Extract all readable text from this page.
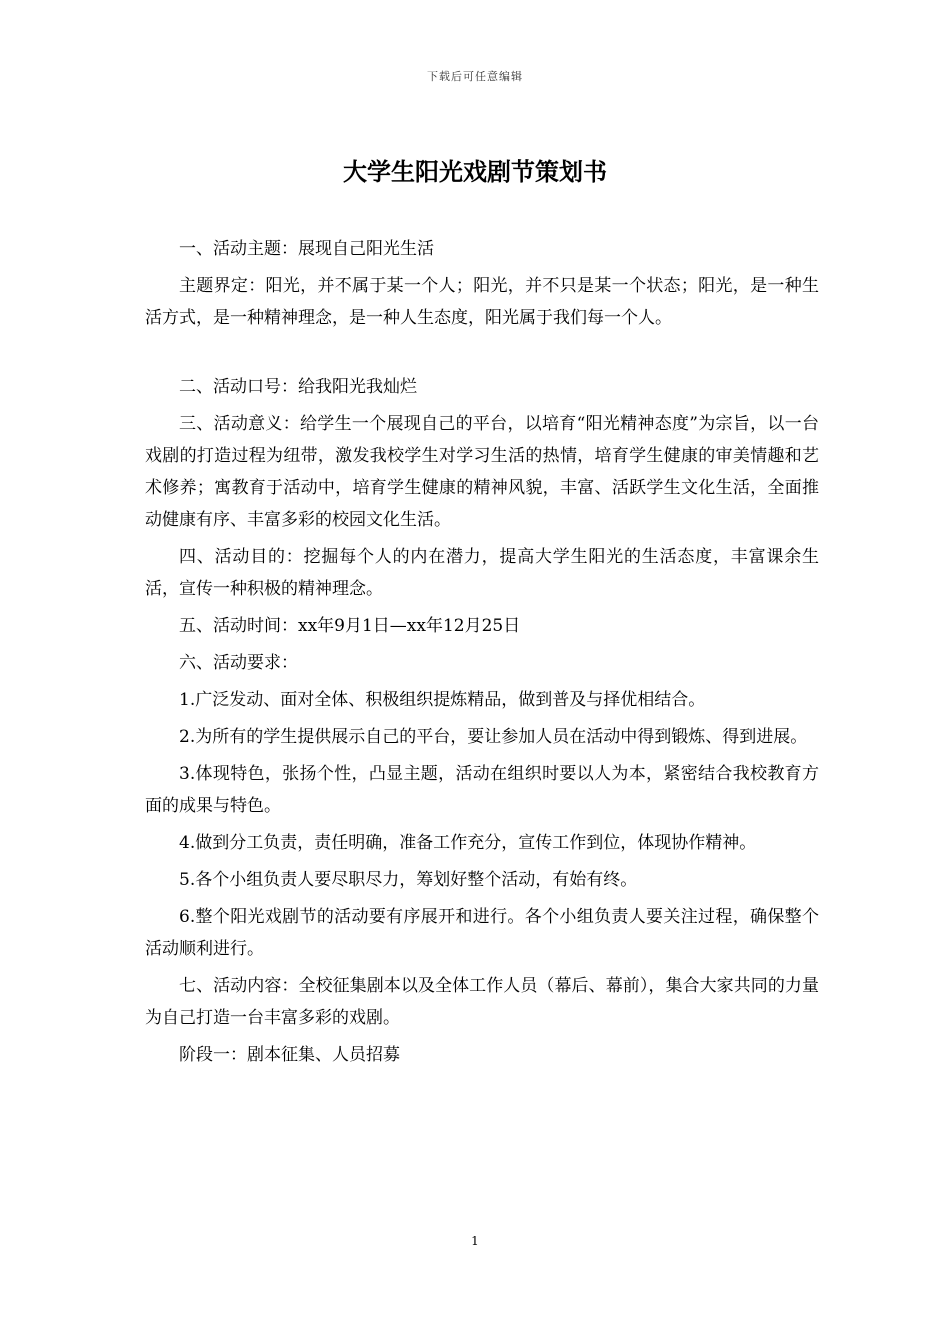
下载后可任意编辑
大学生阳光戏剧节策划书

一、活动主题：展现自己阳光生活

主题界定：阳光，并不属于某一个人；阳光，并不只是某一个状态；阳光，是一种生活方式，是一种精神理念，是一种人生态度，阳光属于我们每一个人。

二、活动口号：给我阳光我灿烂

三、活动意义：给学生一个展现自己的平台，以培育“阳光精神态度”为宗旨，以一台戏剧的打造过程为纽带，激发我校学生对学习生活的热情，培育学生健康的审美情趣和艺术修养；寓教育于活动中，培育学生健康的精神风貌，丰富、活跃学生文化生活，全面推动健康有序、丰富多彩的校园文化生活。

四、活动目的：挖掘每个人的内在潜力，提高大学生阳光的生活态度，丰富课余生活，宣传一种积极的精神理念。

五、活动时间：xx年9月1日—xx年12月25日

六、活动要求：

1.广泛发动、面对全体、积极组织提炼精品，做到普及与择优相结合。

2.为所有的学生提供展示自己的平台，要让参加人员在活动中得到锻炼、得到进展。

3.体现特色，张扬个性，凸显主题，活动在组织时要以人为本，紧密结合我校教育方面的成果与特色。

4.做到分工负责，责任明确，准备工作充分，宣传工作到位，体现协作精神。

5.各个小组负责人要尽职尽力，筹划好整个活动，有始有终。

6.整个阳光戏剧节的活动要有序展开和进行。各个小组负责人要关注过程，确保整个活动顺利进行。

七、活动内容：全校征集剧本以及全体工作人员（幕后、幕前），集合大家共同的力量为自己打造一台丰富多彩的戏剧。

阶段一：剧本征集、人员招募

1
